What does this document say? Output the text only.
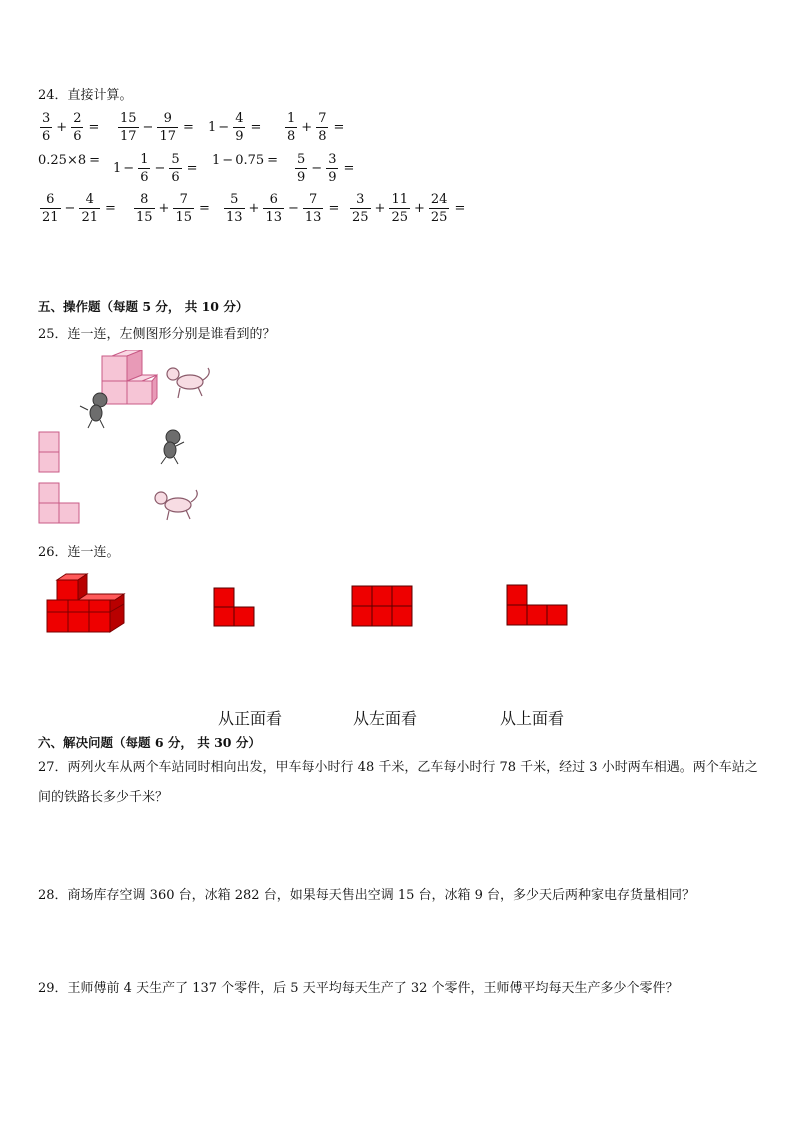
24．直接计算。
$\frac{3}{6} + \frac{2}{6} = \frac{15}{17} - \frac{9}{17} = 1 - \frac{4}{9} = \frac{1}{8} + \frac{7}{8}$ =
0.25×8 =
$1 - \frac{1}{6} - \frac{5}{6}$ =
$1 - 0.75 = \frac{5}{9} - \frac{3}{9}$ =
$\frac{6}{21} - \frac{4}{21} = \frac{8}{15} + \frac{7}{15} = \frac{5}{13} + \frac{6}{13} - \frac{7}{13} = \frac{3}{25} + \frac{11}{25} + \frac{24}{25}$ =
五、操作题（每题 5 分， 共 10 分）
25．连一连，左侧图形分别是谁看到的？
26．连一连。
从正面看	从左面看	从上面看
六、解决问题（每题 6 分， 共 30 分）
27．两列火车从两个车站同时相向出发，甲车每小时行 48 千米，乙车每小时行 78 千米，经过 3 小时两车相遇。两个车站之间的铁路长多少千米？
28．商场库存空调 360 台，冰箱 282 台，如果每天售出空调 15 台，冰箱 9 台，多少天后两种家电存货量相同？
29．王师傅前 4 天生产了 137 个零件，后 5 天平均每天生产了 32 个零件，王师傅平均每天生产多少个零件？
